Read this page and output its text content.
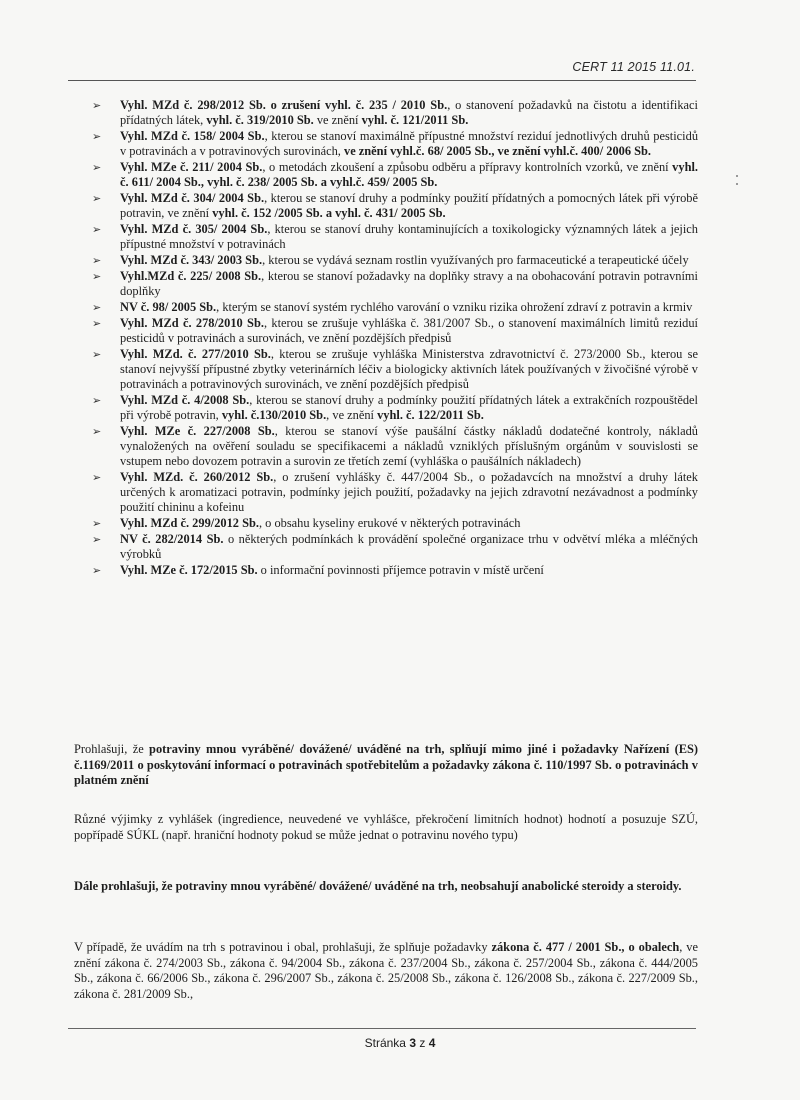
CERT 11 2015 11.01.
➢ Vyhl. MZd č. 298/2012 Sb. o zrušení vyhl. č. 235 / 2010 Sb., o stanovení požadavků na čistotu a identifikaci přídatných látek, vyhl. č. 319/2010 Sb. ve znění vyhl. č. 121/2011 Sb.
➢ Vyhl. MZd č. 158/ 2004 Sb., kterou se stanoví maximálně přípustné množství reziduí jednotlivých druhů pesticidů v potravinách a v potravinových surovinách, ve znění vyhl.č. 68/ 2005 Sb., ve znění vyhl.č. 400/ 2006 Sb.
➢ Vyhl. MZe č. 211/ 2004 Sb., o metodách zkoušení a způsobu odběru a přípravy kontrolních vzorků, ve znění vyhl. č. 611/ 2004 Sb., vyhl. č. 238/ 2005 Sb. a vyhl.č. 459/ 2005 Sb.
➢ Vyhl. MZd č. 304/ 2004 Sb., kterou se stanoví druhy a podmínky použití přídatných a pomocných látek při výrobě potravin, ve znění vyhl. č. 152 /2005 Sb. a vyhl. č. 431/ 2005 Sb.
➢ Vyhl. MZd č. 305/ 2004 Sb., kterou se stanoví druhy kontaminujících a toxikologicky významných látek a jejich přípustné množství v potravinách
➢ Vyhl. MZd č. 343/ 2003 Sb., kterou se vydává seznam rostlin využívaných pro farmaceutické a terapeutické účely
➢ Vyhl.MZd č. 225/ 2008 Sb., kterou se stanoví požadavky na doplňky stravy a na obohacování potravin potravními doplňky
➢ NV č. 98/ 2005 Sb., kterým se stanoví systém rychlého varování o vzniku rizika ohrožení zdraví z potravin a krmiv
➢ Vyhl. MZd č. 278/2010 Sb., kterou se zrušuje vyhláška č. 381/2007 Sb., o stanovení maximálních limitů reziduí pesticidů v potravinách a surovinách, ve znění pozdějších předpisů
➢ Vyhl. MZd. č. 277/2010 Sb., kterou se zrušuje vyhláška Ministerstva zdravotnictví č. 273/2000 Sb., kterou se stanoví nejvyšší přípustné zbytky veterinárních léčiv a biologicky aktivních látek používaných v živočišné výrobě v potravinách a potravinových surovinách, ve znění pozdějších předpisů
➢ Vyhl. MZd č. 4/2008 Sb., kterou se stanoví druhy a podmínky použití přídatných látek a extrakčních rozpouštědel při výrobě potravin, vyhl. č.130/2010 Sb., ve znění vyhl. č. 122/2011 Sb.
➢ Vyhl. MZe č. 227/2008 Sb., kterou se stanoví výše paušální částky nákladů dodatečné kontroly, nákladů vynaložených na ověření souladu se specifikacemi a nákladů vzniklých příslušným orgánům v souvislosti se vstupem nebo dovozem potravin a surovin ze třetích zemí (vyhláška o paušálních nákladech)
➢ Vyhl. MZd. č. 260/2012 Sb., o zrušení vyhlášky č. 447/2004 Sb., o požadavcích na množství a druhy látek určených k aromatizaci potravin, podmínky jejich použití, požadavky na jejich zdravotní nezávadnost a podmínky použití chininu a kofeinu
➢ Vyhl. MZd č. 299/2012 Sb., o obsahu kyseliny erukové v některých potravinách
➢ NV č. 282/2014 Sb. o některých podmínkách k provádění společné organizace trhu v odvětví mléka a mléčných výrobků
➢ Vyhl. MZe č. 172/2015 Sb. o informační povinnosti příjemce potravin v místě určení
Prohlašuji, že potraviny mnou vyráběné/ dovážené/ uváděné na trh, splňují mimo jiné i požadavky Nařízení (ES) č.1169/2011 o poskytování informací o potravinách spotřebitelům a požadavky zákona č. 110/1997 Sb. o potravinách v platném znění
Různé výjimky z vyhlášek (ingredience, neuvedené ve vyhlášce, překročení limitních hodnot) hodnotí a posuzuje SZÚ, popřípadě SÚKL (např. hraniční hodnoty pokud se může jednat o potravinu nového typu)
Dále prohlašuji, že potraviny mnou vyráběné/ dovážené/ uváděné na trh, neobsahují anabolické steroidy a steroidy.
V případě, že uvádím na trh s potravinou i obal, prohlašuji, že splňuje požadavky zákona č. 477 / 2001 Sb., o obalech, ve znění zákona č. 274/2003 Sb., zákona č. 94/2004 Sb., zákona č. 237/2004 Sb., zákona č. 257/2004 Sb., zákona č. 444/2005 Sb., zákona č. 66/2006 Sb., zákona č. 296/2007 Sb., zákona č. 25/2008 Sb., zákona č. 126/2008 Sb., zákona č. 227/2009 Sb., zákona č. 281/2009 Sb.,
Stránka 3 z 4
